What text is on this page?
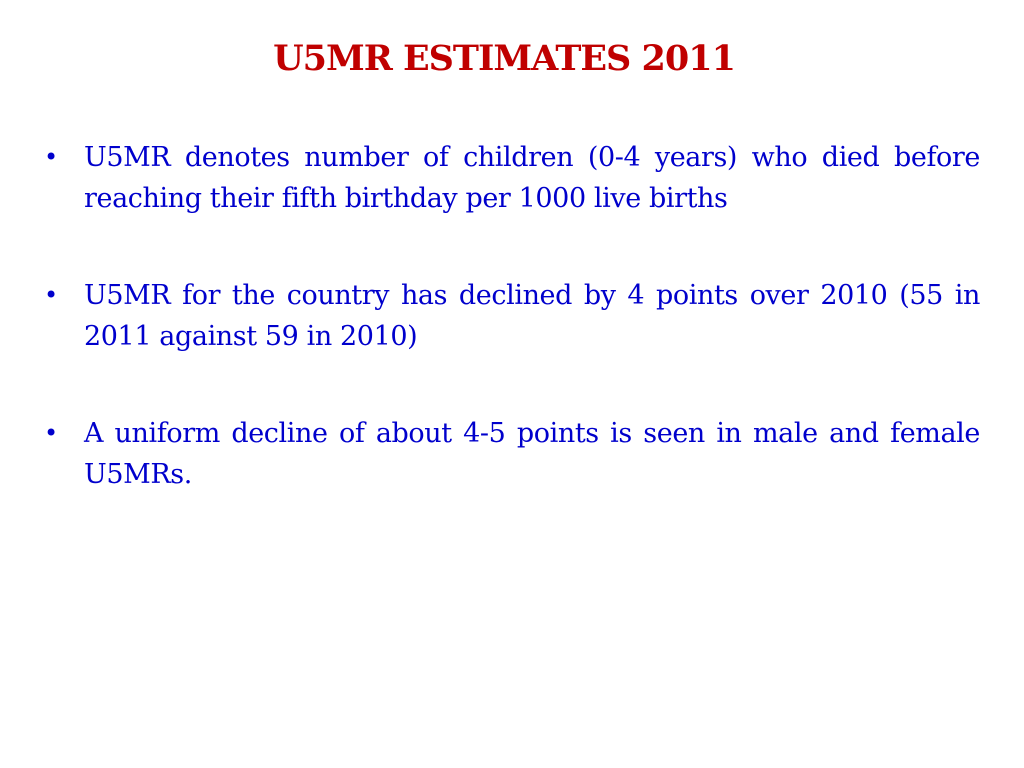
U5MR ESTIMATES 2011
• U5MR denotes number of children (0-4 years) who died before reaching their fifth birthday per 1000 live births
• U5MR for the country has declined by 4 points over 2010 (55 in 2011 against 59 in 2010)
• A uniform decline of about 4-5 points is seen in male and female U5MRs.
